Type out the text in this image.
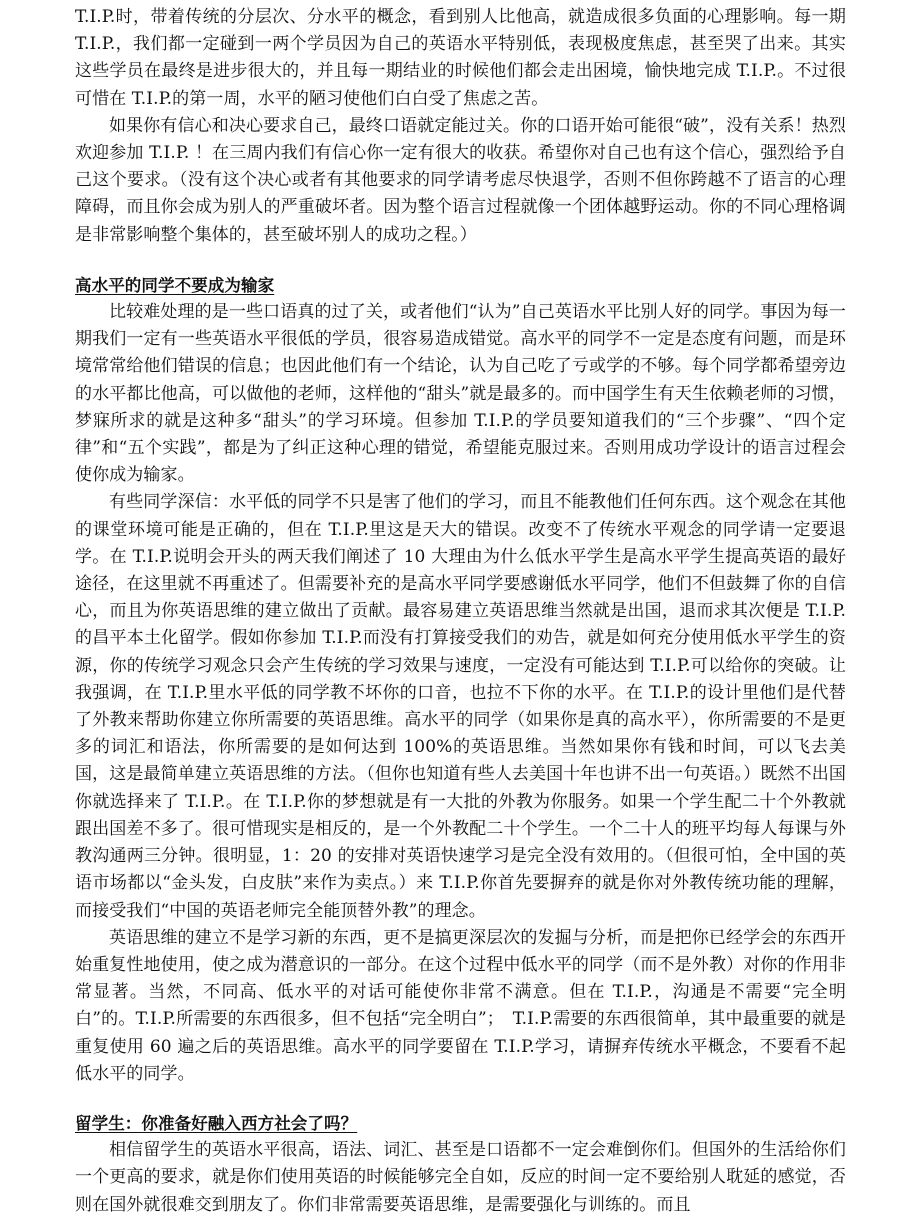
T.I.P.时，带着传统的分层次、分水平的概念，看到别人比他高，就造成很多负面的心理影响。每一期 T.I.P.，我们都一定碰到一两个学员因为自己的英语水平特别低，表现极度焦虑，甚至哭了出来。其实这些学员在最终是进步很大的，并且每一期结业的时候他们都会走出困境，愉快地完成 T.I.P.。不过很可惜在 T.I.P.的第一周，水平的陋习使他们白白受了焦虑之苦。

如果你有信心和决心要求自己，最终口语就定能过关。你的口语开始可能很“破”，没有关系！热烈欢迎参加 T.I.P. ！在三周内我们有信心你一定有很大的收获。希望你对自己也有这个信心，强烈给予自己这个要求。（没有这个决心或者有其他要求的同学请考虑尽快退学，否则不但你跨越不了语言的心理障碍，而且你会成为别人的严重破坏者。因为整个语言过程就像一个团体越野运动。你的不同心理格调是非常影响整个集体的，甚至破坏别人的成功之程。）

高水平的同学不要成为输家

比较难处理的是一些口语真的过了关，或者他们“认为”自己英语水平比别人好的同学。事因为每一期我们一定有一些英语水平很低的学员，很容易造成错觉。高水平的同学不一定是态度有问题，而是环境常常给他们错误的信息；也因此他们有一个结论，认为自己吃了亏或学的不够。每个同学都希望旁边的水平都比他高，可以做他的老师，这样他的“甜头”就是最多的。而中国学生有天生依赖老师的习惯，梦寐所求的就是这种多“甜头”的学习环境。但参加 T.I.P.的学员要知道我们的“三个步骤”、“四个定律”和“五个实践”，都是为了纠正这种心理的错觉，希望能克服过来。否则用成功学设计的语言过程会使你成为输家。

有些同学深信：水平低的同学不只是害了他们的学习，而且不能教他们任何东西。这个观念在其他的课堂环境可能是正确的，但在 T.I.P.里这是天大的错误。改变不了传统水平观念的同学请一定要退学。在 T.I.P.说明会开头的两天我们阐述了 10 大理由为什么低水平学生是高水平学生提高英语的最好途径，在这里就不再重述了。但需要补充的是高水平同学要感谢低水平同学，他们不但鼓舞了你的自信心，而且为你英语思维的建立做出了贡献。最容易建立英语思维当然就是出国，退而求其次便是 T.I.P.的昌平本土化留学。假如你参加 T.I.P.而没有打算接受我们的劝告，就是如何充分使用低水平学生的资源，你的传统学习观念只会产生传统的学习效果与速度，一定没有可能达到 T.I.P.可以给你的突破。让我强调，在 T.I.P.里水平低的同学教不坏你的口音，也拉不下你的水平。在 T.I.P.的设计里他们是代替了外教来帮助你建立你所需要的英语思维。高水平的同学（如果你是真的高水平），你所需要的不是更多的词汇和语法，你所需要的是如何达到 100%的英语思维。当然如果你有钱和时间，可以飞去美国，这是最简单建立英语思维的方法。（但你也知道有些人去美国十年也讲不出一句英语。）既然不出国你就选择来了 T.I.P.。在 T.I.P.你的梦想就是有一大批的外教为你服务。如果一个学生配二十个外教就跟出国差不多了。很可惜现实是相反的，是一个外教配二十个学生。一个二十人的班平均每人每课与外教沟通两三分钟。很明显，1：20 的安排对英语快速学习是完全没有效用的。（但很可怕，全中国的英语市场都以“金头发，白皮肤”来作为卖点。）来 T.I.P.你首先要摒弃的就是你对外教传统功能的理解，而接受我们“中国的英语老师完全能顶替外教”的理念。

英语思维的建立不是学习新的东西，更不是搞更深层次的发掘与分析，而是把你已经学会的东西开始重复性地使用，使之成为潜意识的一部分。在这个过程中低水平的同学（而不是外教）对你的作用非常显著。当然，不同高、低水平的对话可能使你非常不满意。但在 T.I.P.，沟通是不需要“完全明白”的。T.I.P.所需要的东西很多，但不包括“完全明白”；　T.I.P.需要的东西很简单，其中最重要的就是重复使用 60 遍之后的英语思维。高水平的同学要留在 T.I.P.学习，请摒弃传统水平概念，不要看不起低水平的同学。

留学生：你准备好融入西方社会了吗？

相信留学生的英语水平很高，语法、词汇、甚至是口语都不一定会难倒你们。但国外的生活给你们一个更高的要求，就是你们使用英语的时候能够完全自如，反应的时间一定不要给别人耽延的感觉，否则在国外就很难交到朋友了。你们非常需要英语思维，是需要强化与训练的。而且
